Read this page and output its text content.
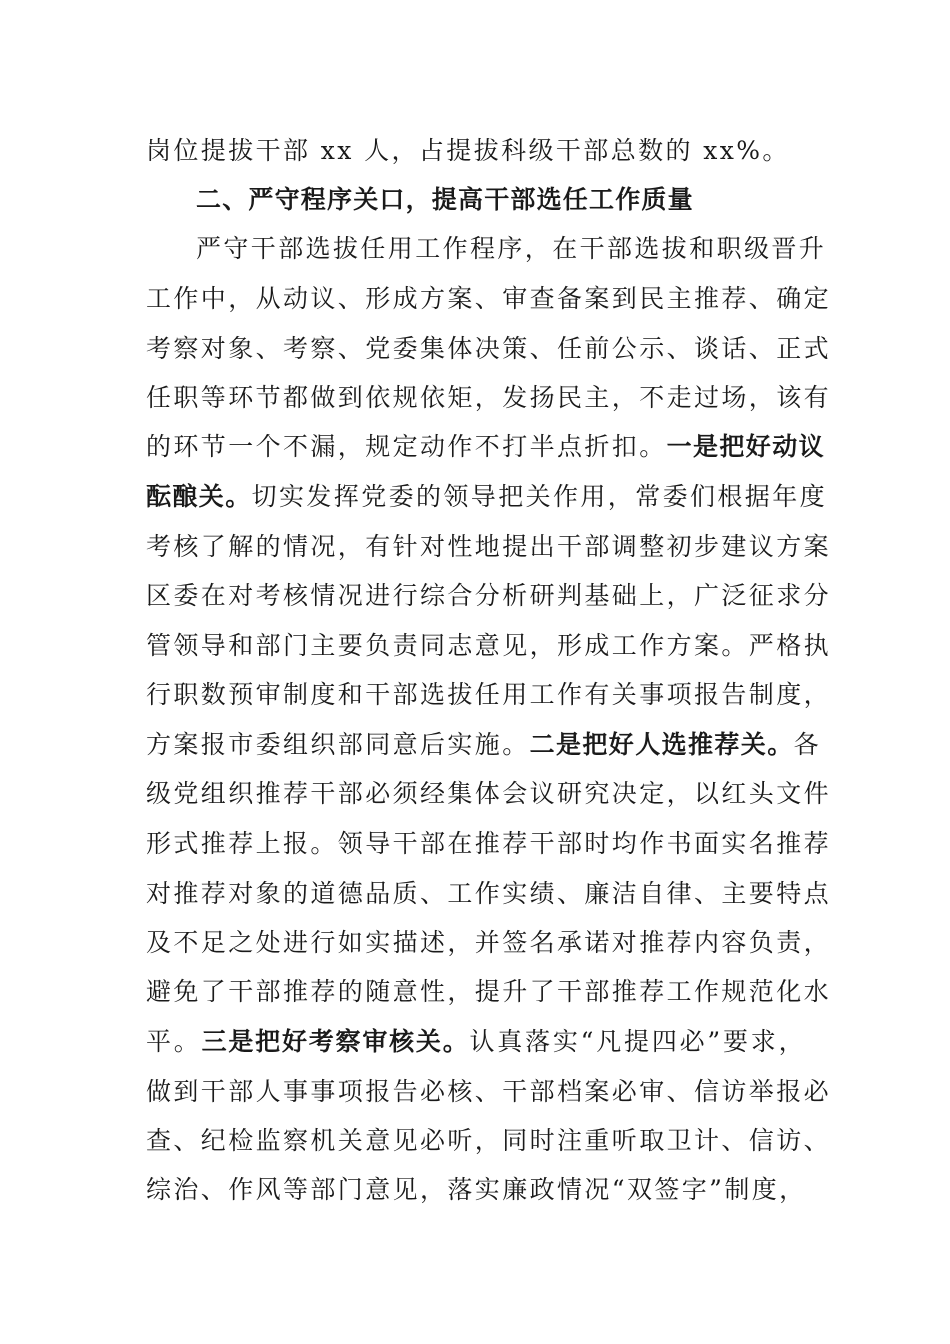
岗位提拔干部 xx 人，占提拔科级干部总数的 xx%。
二、严守程序关口，提高干部选任工作质量
严守干部选拔任用工作程序，在干部选拔和职级晋升
工作中，从动议、形成方案、审查备案到民主推荐、确定
考察对象、考察、党委集体决策、任前公示、谈话、正式
任职等环节都做到依规依矩，发扬民主，不走过场，该有
的环节一个不漏，规定动作不打半点折扣。一是把好动议
酝酿关。切实发挥党委的领导把关作用，常委们根据年度
考核了解的情况，有针对性地提出干部调整初步建议方案
区委在对考核情况进行综合分析研判基础上，广泛征求分
管领导和部门主要负责同志意见，形成工作方案。严格执
行职数预审制度和干部选拔任用工作有关事项报告制度，
方案报市委组织部同意后实施。二是把好人选推荐关。各
级党组织推荐干部必须经集体会议研究决定，以红头文件
形式推荐上报。领导干部在推荐干部时均作书面实名推荐
对推荐对象的道德品质、工作实绩、廉洁自律、主要特点
及不足之处进行如实描述，并签名承诺对推荐内容负责，
避免了干部推荐的随意性，提升了干部推荐工作规范化水
平。三是把好考察审核关。认真落实“凡提四必”要求，
做到干部人事事项报告必核、干部档案必审、信访举报必
查、纪检监察机关意见必听，同时注重听取卫计、信访、
综治、作风等部门意见，落实廉政情况“双签字”制度，
